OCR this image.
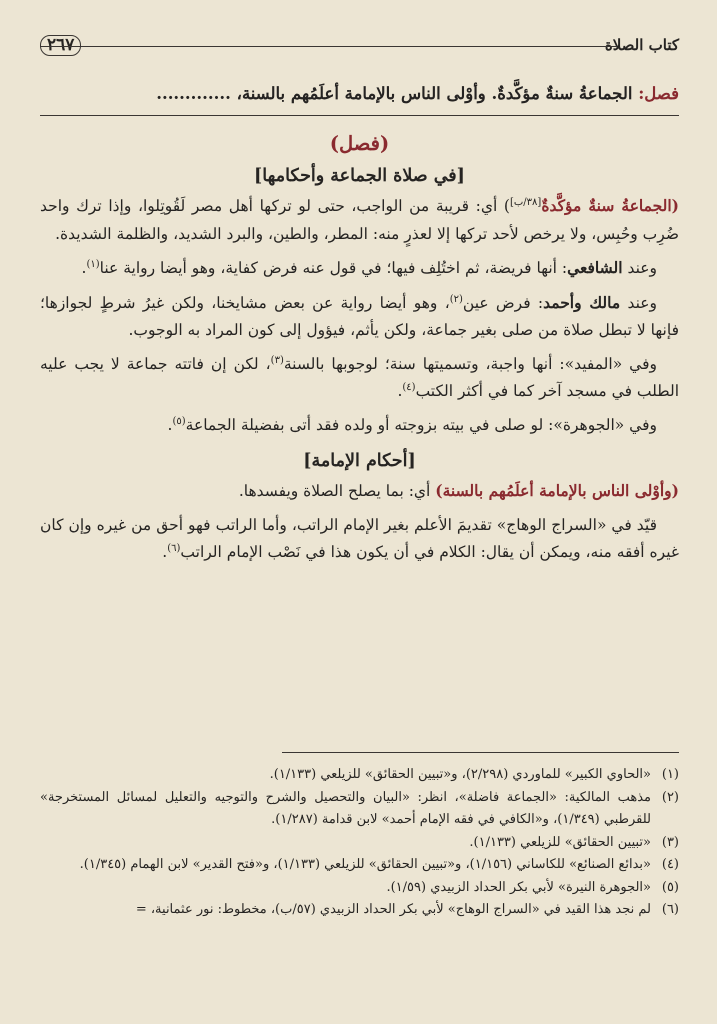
كتاب الصلاة
٢٦٧
فصل: الجماعةُ سنةٌ مؤكَّدةٌ. وأوْلى الناس بالإمامة أعلَمُهم بالسنة، .............

(فصل)

[في صلاة الجماعة وأحكامها]

(الجماعةُ سنةٌ مؤكَّدةٌ[٣٨/ب]) أي: قريبة من الواجب، حتى لو تركها أهل مصر لَقُوتِلوا، وإذا ترك واحد ضُرِب وحُبِس، ولا يرخص لأحد تركها إلا لعذرٍ منه: المطر، والطين، والبرد الشديد، والظلمة الشديدة.

وعند الشافعي: أنها فريضة، ثم اختُلِف فيها؛ في قول عنه فرض كفاية، وهو أيضا رواية عنا$^{(١)}$.

وعند مالك وأحمد: فرض عين$^{(٢)}$، وهو أيضا رواية عن بعض مشايخنا، ولكن غيرُ شرطٍ لجوازها؛ فإنها لا تبطل صلاة من صلى بغير جماعة، ولكن يأثم، فيؤول إلى كون المراد به الوجوب.

وفي «المفيد»: أنها واجبة، وتسميتها سنة؛ لوجوبها بالسنة$^{(٣)}$، لكن إن فاتته جماعة لا يجب عليه الطلب في مسجد آخر كما في أكثر الكتب$^{(٤)}$.

وفي «الجوهرة»: لو صلى في بيته بزوجته أو ولده فقد أتى بفضيلة الجماعة$^{(٥)}$.

[أحكام الإمامة]

(وأوْلى الناس بالإمامة أعلَمُهم بالسنة) أي: بما يصلح الصلاة ويفسدها.

قيّد في «السراج الوهاج» تقديمَ الأعلم بغير الإمام الراتب، وأما الراتب فهو أحق من غيره وإن كان غيره أفقه منه، ويمكن أن يقال: الكلام في أن يكون هذا في نَصْب الإمام الراتب$^{(٦)}$.

(١)
«الحاوي الكبير» للماوردي (٢/٢٩٨)، و«تبيين الحقائق» للزيلعي (١/١٣٣).
(٢)
مذهب المالكية: «الجماعة فاضلة»، انظر: «البيان والتحصيل والشرح والتوجيه والتعليل لمسائل المستخرجة» للقرطبي (١/٣٤٩)، و«الكافي في فقه الإمام أحمد» لابن قدامة (١/٢٨٧).
(٣)
«تبيين الحقائق» للزيلعي (١/١٣٣).
(٤)
«بدائع الصنائع» للكاساني (١/١٥٦)، و«تبيين الحقائق» للزيلعي (١/١٣٣)، و«فتح القدير» لابن الهمام (١/٣٤٥).
(٥)
«الجوهرة النيرة» لأبي بكر الحداد الزبيدي (١/٥٩).
(٦)
لم نجد هذا القيد في «السراج الوهاج» لأبي بكر الحداد الزبيدي (٥٧/ب)، مخطوط: نور عثمانية، =
